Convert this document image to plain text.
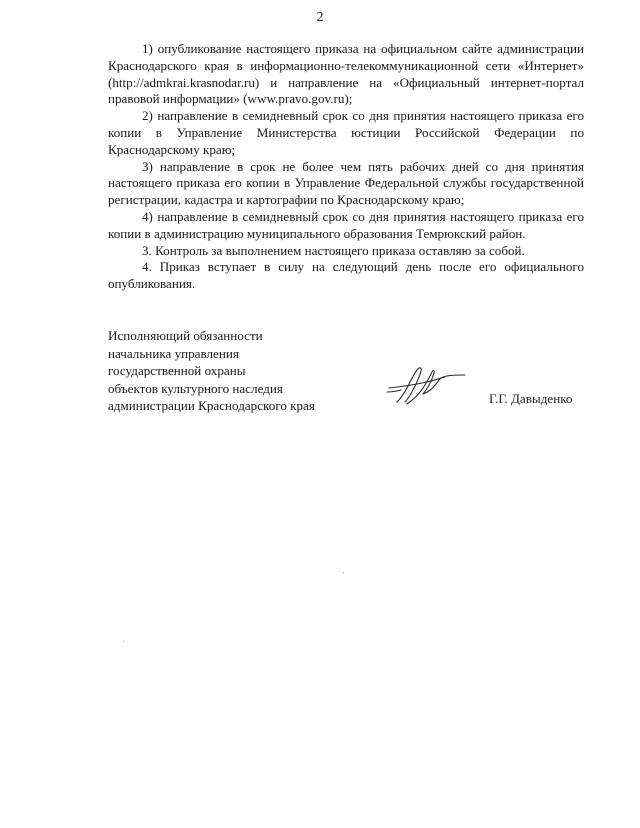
2

1) опубликование настоящего приказа на официальном сайте администрации Краснодарского края в информационно-телекоммуникационной сети «Интернет» (http://admkrai.krasnodar.ru) и направление на «Официальный интернет-портал правовой информации» (www.pravo.gov.ru);

2) направление в семидневный срок со дня принятия настоящего приказа его копии в Управление Министерства юстиции Российской Федерации по Краснодарскому краю;

3) направление в срок не более чем пять рабочих дней со дня принятия настоящего приказа его копии в Управление Федеральной службы государственной регистрации, кадастра и картографии по Краснодарскому краю;

4) направление в семидневный срок со дня принятия настоящего приказа его копии в администрацию муниципального образования Темрюкский район.

3. Контроль за выполнением настоящего приказа оставляю за собой.

4. Приказ вступает в силу на следующий день после его официального опубликования.

Исполняющий обязанности
начальника управления
государственной охраны
объектов культурного наследия
администрации Краснодарского края	Г.Г. Давыденко
